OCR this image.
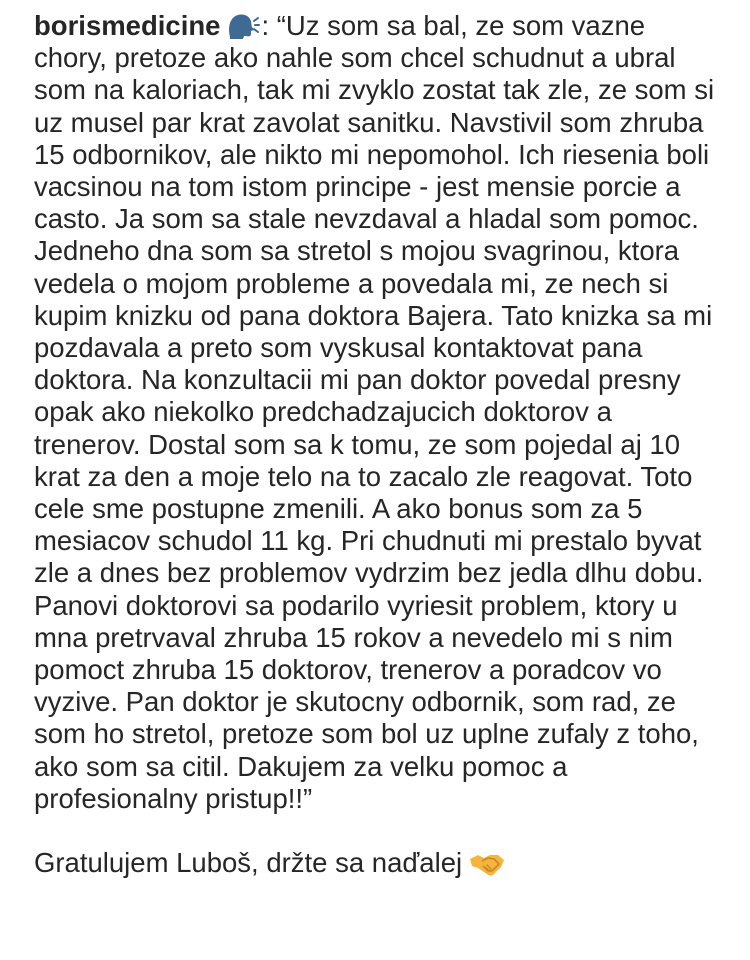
borismedicine : “Uz som sa bal, ze som vazne chory, pretoze ako nahle som chcel schudnut a ubral som na kaloriach, tak mi zvyklo zostat tak zle, ze som si uz musel par krat zavolat sanitku. Navstivil som zhruba 15 odbornikov, ale nikto mi nepomohol. Ich riesenia boli vacsinou na tom istom principe - jest mensie porcie a casto. Ja som sa stale nevzdaval a hladal som pomoc. Jedneho dna som sa stretol s mojou svagrinou, ktora vedela o mojom probleme a povedala mi, ze nech si kupim knizku od pana doktora Bajera. Tato knizka sa mi pozdavala a preto som vyskusal kontaktovat pana doktora. Na konzultacii mi pan doktor povedal presny opak ako niekolko predchadzajucich doktorov a trenerov. Dostal som sa k tomu, ze som pojedal aj 10 krat za den a moje telo na to zacalo zle reagovat. Toto cele sme postupne zmenili. A ako bonus som za 5 mesiacov schudol 11 kg. Pri chudnuti mi prestalo byvat zle a dnes bez problemov vydrzim bez jedla dlhu dobu. Panovi doktorovi sa podarilo vyriesit problem, ktory u mna pretrvaval zhruba 15 rokov a nevedelo mi s nim pomoct zhruba 15 doktorov, trenerov a poradcov vo vyzive. Pan doktor je skutocny odbornik, som rad, ze som ho stretol, pretoze som bol uz uplne zufaly z toho, ako som sa citil. Dakujem za velku pomoc a profesionalny pristup!!”

Gratulujem Luboš, držte sa naďalej
